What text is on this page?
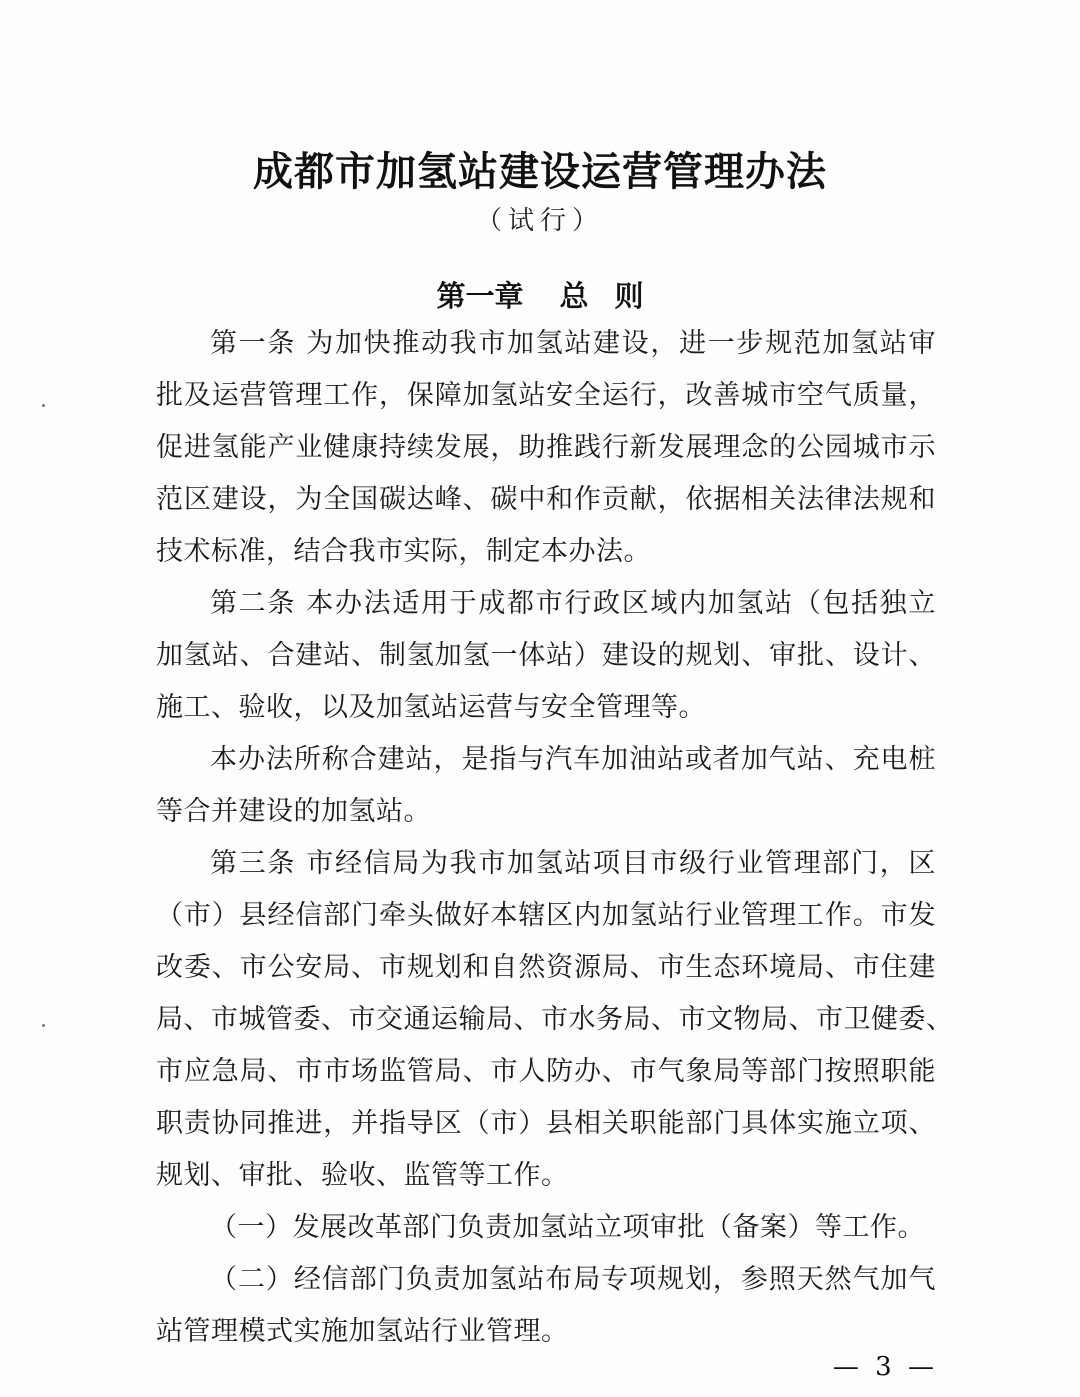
成都市加氢站建设运营管理办法
（试行）
第一章 总 则
第一条 为加快推动我市加氢站建设，进一步规范加氢站审
批及运营管理工作，保障加氢站安全运行，改善城市空气质量，
促进氢能产业健康持续发展，助推践行新发展理念的公园城市示
范区建设，为全国碳达峰、碳中和作贡献，依据相关法律法规和
技术标准，结合我市实际，制定本办法。
第二条 本办法适用于成都市行政区域内加氢站（包括独立
加氢站、合建站、制氢加氢一体站）建设的规划、审批、设计、
施工、验收，以及加氢站运营与安全管理等。
本办法所称合建站，是指与汽车加油站或者加气站、充电桩
等合并建设的加氢站。
第三条 市经信局为我市加氢站项目市级行业管理部门，区
（市）县经信部门牵头做好本辖区内加氢站行业管理工作。市发
改委、市公安局、市规划和自然资源局、市生态环境局、市住建
局、市城管委、市交通运输局、市水务局、市文物局、市卫健委、
市应急局、市市场监管局、市人防办、市气象局等部门按照职能
职责协同推进，并指导区（市）县相关职能部门具体实施立项、
规划、审批、验收、监管等工作。
（一）发展改革部门负责加氢站立项审批（备案）等工作。
（二）经信部门负责加氢站布局专项规划，参照天然气加气
站管理模式实施加氢站行业管理。
— 3 —
